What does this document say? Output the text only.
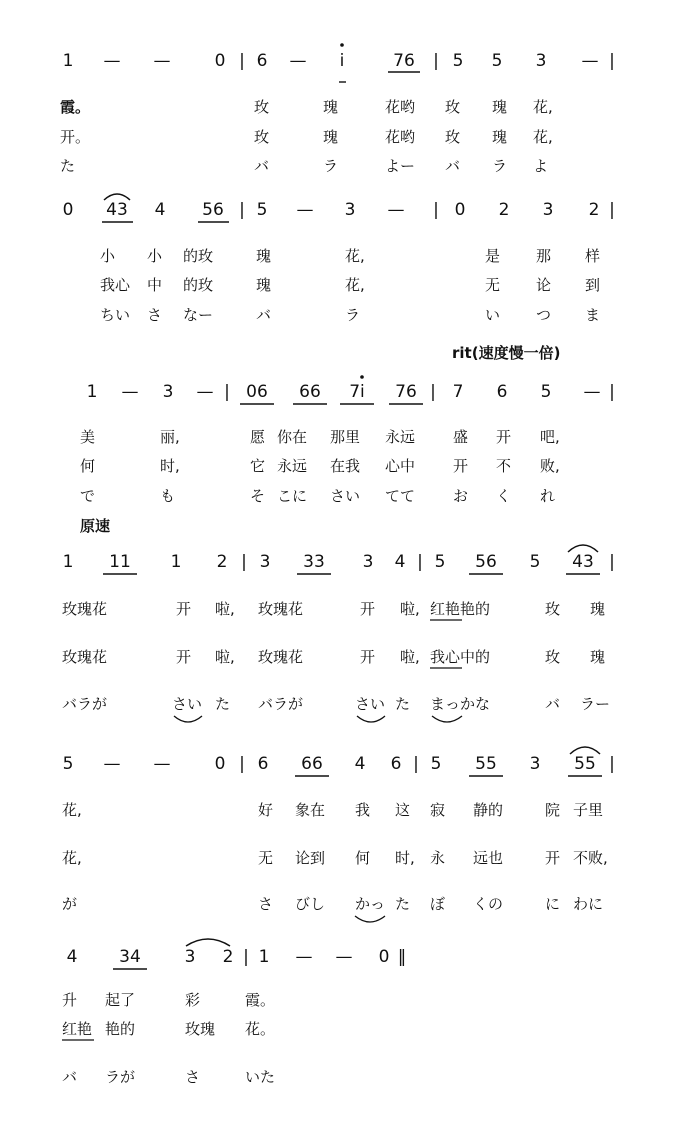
1 — —	0 | 6 — i	76 | 5 5 3 — |
霞。	玫	瑰	花哟 玫 瑰 花,
开。	玫	瑰	花哟 玫 瑰 花,
た	バ	ラ	よー バ ラ よ
0 43 4 56 | 5 — 3 — | 0 2 3 2 |
小 小 的玫	瑰	花,	是 那 样
我心 中 的玫	瑰	花,	无 论 到
ちい さ なー	バ	ラ	い つ ま
rit(速度慢一倍)
1 — 3 — | 06 66 7i 76 | 7 6 5 — |
美	丽,	愿 你在 那里 永远	盛 开 吧,
何	时,	它 永远 在我 心中	开 不 败,
で	も	そ こに さい てて	お く れ
原速
1 11 1 2 | 3 33 3 4 | 5 56 5 43 |
玫瑰花	开 啦, 玫瑰花	开 啦, 红艳艳的	玫 瑰
玫瑰花	开 啦, 玫瑰花	开 啦, 我心中的	玫 瑰
バラが	さい た バラが	さい た まっかな	バ ラー
5 — —	0 | 6 66 4 6 | 5 55 3 55 |
花,	好 象在 我 这 寂 静的	院 子里
花,	无 论到 何 时, 永 远也	开 不败,
が	さ びし かっ た ぼ くの	に わに
4 34	3 2 | 1 — — 0 ‖
升 起了	彩	霞。
红艳 艳的	玫瑰 花。
バ ラが	さ	いた
